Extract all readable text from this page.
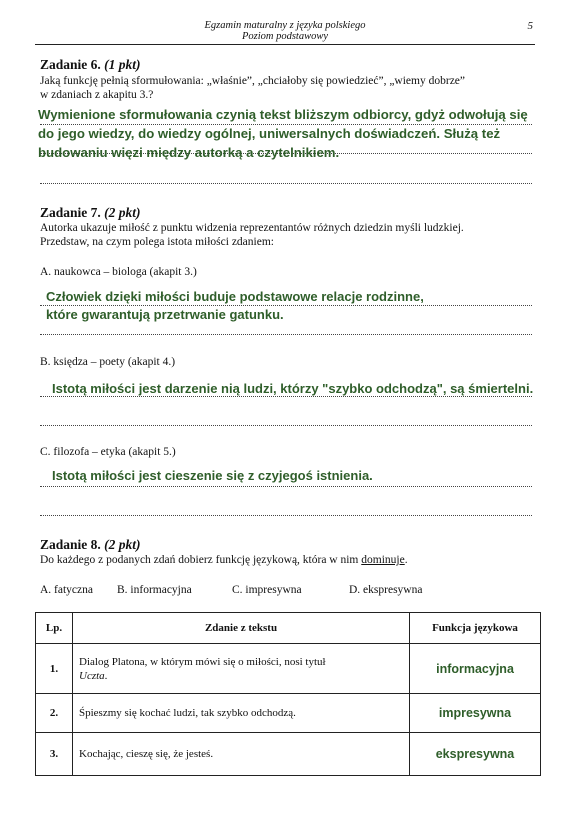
Egzamin maturalny z języka polskiego
Poziom podstawowy
5
Zadanie 6. (1 pkt)
Jaką funkcję pełnią sformułowania: „właśnie”, „chciałoby się powiedzieć”, „wiemy dobrze”
w zdaniach z akapitu 3.?
Wymienione sformułowania czynią tekst bliższym odbiorcy, gdyż odwołują się do jego wiedzy, do wiedzy ogólnej, uniwersalnych doświadczeń. Służą też budowaniu więzi między autorką a czytelnikiem.
Zadanie 7. (2 pkt)
Autorka ukazuje miłość z punktu widzenia reprezentantów różnych dziedzin myśli ludzkiej.
Przedstaw, na czym polega istota miłości zdaniem:
A. naukowca – biologa (akapit 3.)
Człowiek dzięki miłości buduje podstawowe relacje rodzinne,
które gwarantują przetrwanie gatunku.
B. księdza – poety (akapit 4.)
Istotą miłości jest darzenie nią ludzi, którzy "szybko odchodzą", są śmiertelni.
C. filozofa – etyka (akapit 5.)
Istotą miłości jest cieszenie się z czyjegoś istnienia.
Zadanie 8. (2 pkt)
Do każdego z podanych zdań dobierz funkcję językową, która w nim dominuje.
A. fatyczna B. informacyjna	C. impresywna	D. ekspresywna
Lp.	Zdanie z tekstu	Funkcja językowa
1.	Dialog Platona, w którym mówi się o miłości, nosi tytuł
Uczta.	informacyjna
2.	Śpieszmy się kochać ludzi, tak szybko odchodzą.	impresywna
3.	Kochając, cieszę się, że jesteś.	ekspresywna
